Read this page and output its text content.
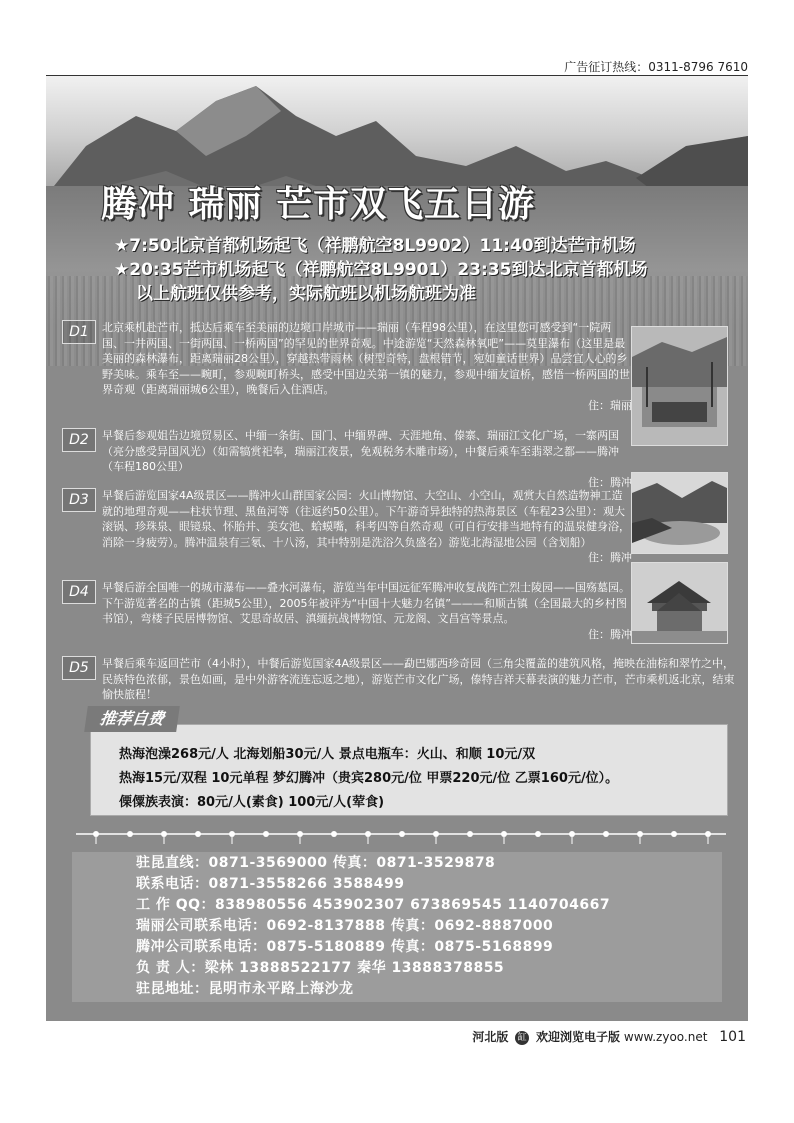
广告征订热线：0311-8796 7610
腾冲 瑞丽 芒市双飞五日游
★7:50北京首都机场起飞（祥鹏航空8L9902）11:40到达芒市机场
★20:35芒市机场起飞（祥鹏航空8L9901）23:35到达北京首都机场
以上航班仅供参考，实际航班以机场航班为准
D1	北京乘机赴芒市，抵达后乘车至美丽的边境口岸城市——瑞丽（车程98公里），在这里您可感受到“一院两国、一井两国、一街两国、一桥两国”的罕见的世界奇观。中途游览“天然森林氧吧”——莫里瀑布（这里是最美丽的森林瀑布，距离瑞丽28公里），穿越热带雨林（树型奇特，盘根错节，宛如童话世界）品尝宜人心的乡野美味。乘车至——畹町，参观畹町桥头，感受中国边关第一镇的魅力，参观中缅友谊桥，感悟一桥两国的世界奇观（距离瑞丽城6公里），晚餐后入住酒店。
住：瑞丽
D2	早餐后参观姐告边境贸易区、中缅一条街、国门、中缅界碑、天涯地角、傣寨、瑞丽江文化广场，一寨两国（亮分感受异国风光）（如需犒赏祀奉，瑞丽江夜景，免观税务木雕市场），中餐后乘车至翡翠之都——腾冲（车程180公里）
住：腾冲
D3	早餐后游览国家4A级景区——腾冲火山群国家公园：火山博物馆、大空山、小空山，观赏大自然造物神工造就的地理奇观——柱状节理、黑鱼河等（往返约50公里）。下午游奇异独特的热海景区（车程23公里）：观大滚锅、珍珠泉、眼镜泉、怀胎井、美女池、蛤蟆嘴，科考四等自然奇观（可自行安排当地特有的温泉健身浴，消除一身疲劳）。腾冲温泉有三氡、十八汤，其中特别是洗浴久负盛名）游览北海湿地公园（含划船）
住：腾冲
D4	早餐后游全国唯一的城市瀑布——叠水河瀑布，游览当年中国远征军腾冲收复战阵亡烈士陵园——国殇墓园。下午游览著名的古镇（距城5公里），2005年被评为“中国十大魅力名镇”———和顺古镇（全国最大的乡村图书馆），弯楼子民居博物馆、艾思奇故居、滇缅抗战博物馆、元龙阁、文昌宫等景点。
住：腾冲
D5	早餐后乘车返回芒市（4小时），中餐后游览国家4A级景区——勐巴娜西珍奇园（三角尖覆盖的建筑风格，掩映在油棕和翠竹之中，民族特色浓郁，景色如画，是中外游客流连忘返之地），游览芒市文化广场，傣特吉祥天幕表演的魅力芒市，芒市乘机返北京，结束愉快旅程！
热海泡澡268元/人 北海划船30元/人 景点电瓶车：火山、和顺 10元/双
热海15元/双程 10元单程 梦幻腾冲（贵宾280元/位 甲票220元/位 乙票160元/位）。
傈僳族表演：80元/人(素食) 100元/人(荤食)
推荐自费
驻昆直线：0871-3569000 传真：0871-3529878
联系电话：0871-3558266 3588499
工 作 QQ：838980556 453902307 673869545 1140704667
瑞丽公司联系电话：0692-8137888 传真：0692-8887000
腾冲公司联系电话：0875-5180889 传真：0875-5168899
负 责 人：梁林 13888522177 秦华 13888378855
驻昆地址：昆明市永平路上海沙龙
河北版 缸 欢迎浏览电子版 www.zyoo.net 101
